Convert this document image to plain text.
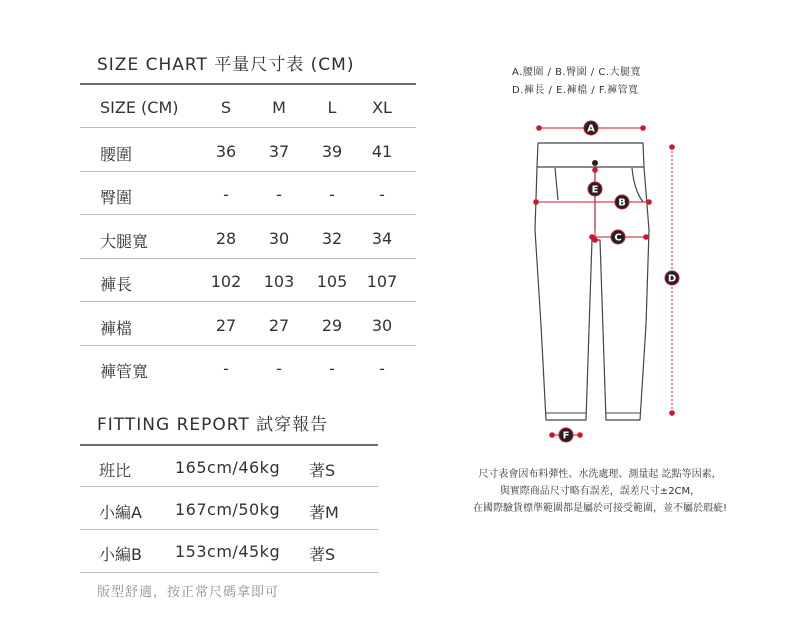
SIZE CHART 平量尺寸表 (CM)
SIZE (CM)	S	M	L XL
腰圍	36 37 39 41
臀圍	-	-	-	-
大腿寬	28 30 32 34
褲長	102 103 105 107
褲檔	27 27 29 30
褲管寬	-	-	-	-
FITTING REPORT 試穿報告
班比	165cm/46kg 著S
小編A 167cm/50kg 著M
小編B 153cm/45kg 著S
版型舒適，按正常尺碼拿即可
A.腰圍 / B.臀圍 / C.大腿寬
D.褲長 / E.褲檔 / F.褲管寬
A
E
B
C
D
F
尺寸表會因布料彈性、水洗處理、測量起 訖點等因素，
與實際商品尺寸略有誤差，誤差尺寸±2CM，
在國際驗貨標準範圍都是屬於可接受範圍，並不屬於瑕疵!
